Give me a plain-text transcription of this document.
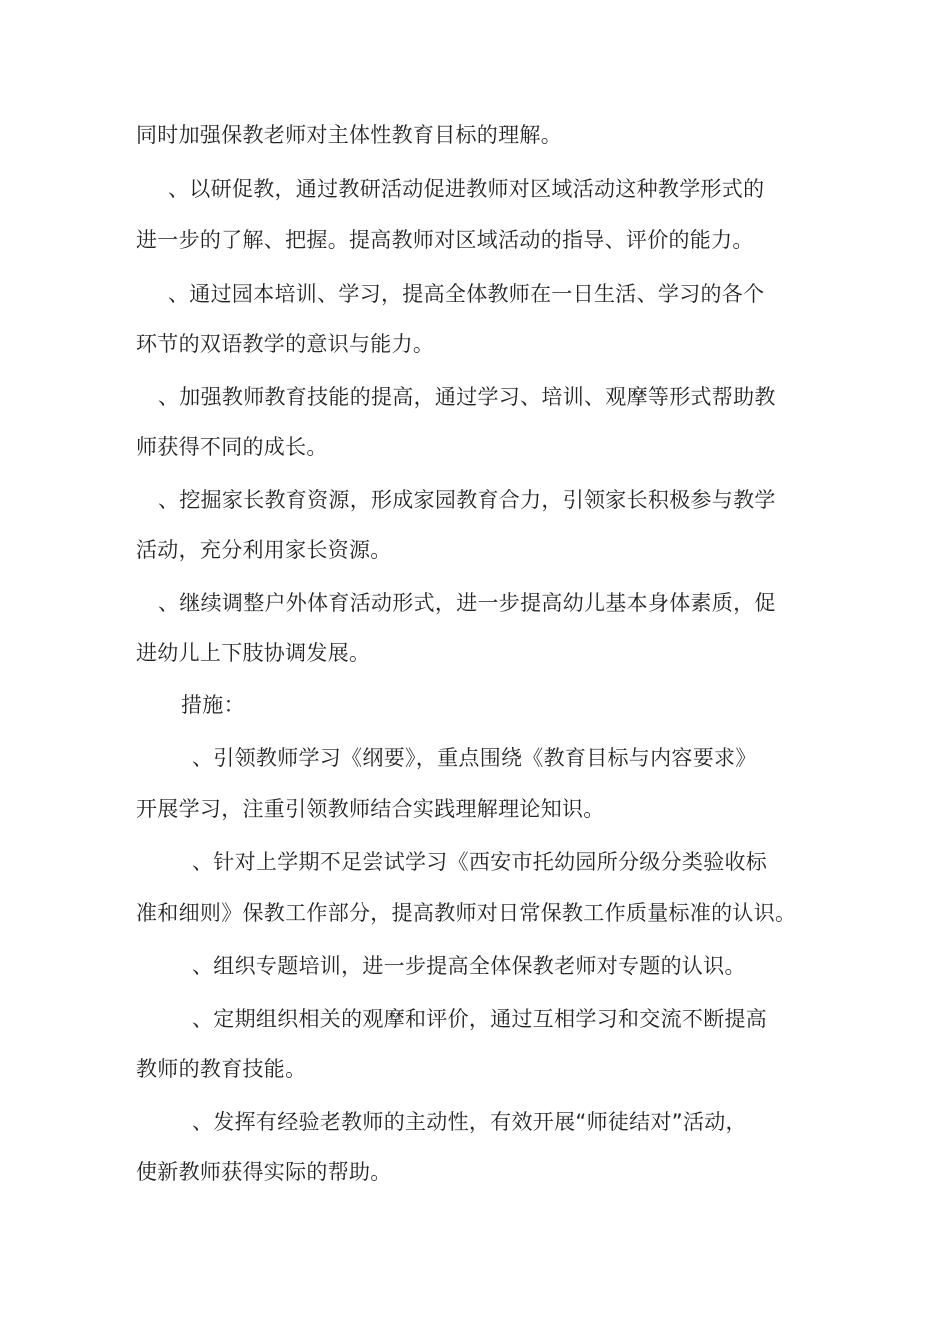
同时加强保教老师对主体性教育目标的理解。
、以研促教，通过教研活动促进教师对区域活动这种教学形式的
进一步的了解、把握。提高教师对区域活动的指导、评价的能力。
、通过园本培训、学习，提高全体教师在一日生活、学习的各个
环节的双语教学的意识与能力。
、加强教师教育技能的提高，通过学习、培训、观摩等形式帮助教
师获得不同的成长。
、挖掘家长教育资源，形成家园教育合力，引领家长积极参与教学
活动，充分利用家长资源。
、继续调整户外体育活动形式，进一步提高幼儿基本身体素质，促
进幼儿上下肢协调发展。
措施：
、引领教师学习《纲要》，重点围绕《教育目标与内容要求》
开展学习，注重引领教师结合实践理解理论知识。
、针对上学期不足尝试学习《西安市托幼园所分级分类验收标
准和细则》保教工作部分，提高教师对日常保教工作质量标准的认识。
、组织专题培训，进一步提高全体保教老师对专题的认识。
、定期组织相关的观摩和评价，通过互相学习和交流不断提高
教师的教育技能。
、发挥有经验老教师的主动性，有效开展“师徒结对”活动，
使新教师获得实际的帮助。
